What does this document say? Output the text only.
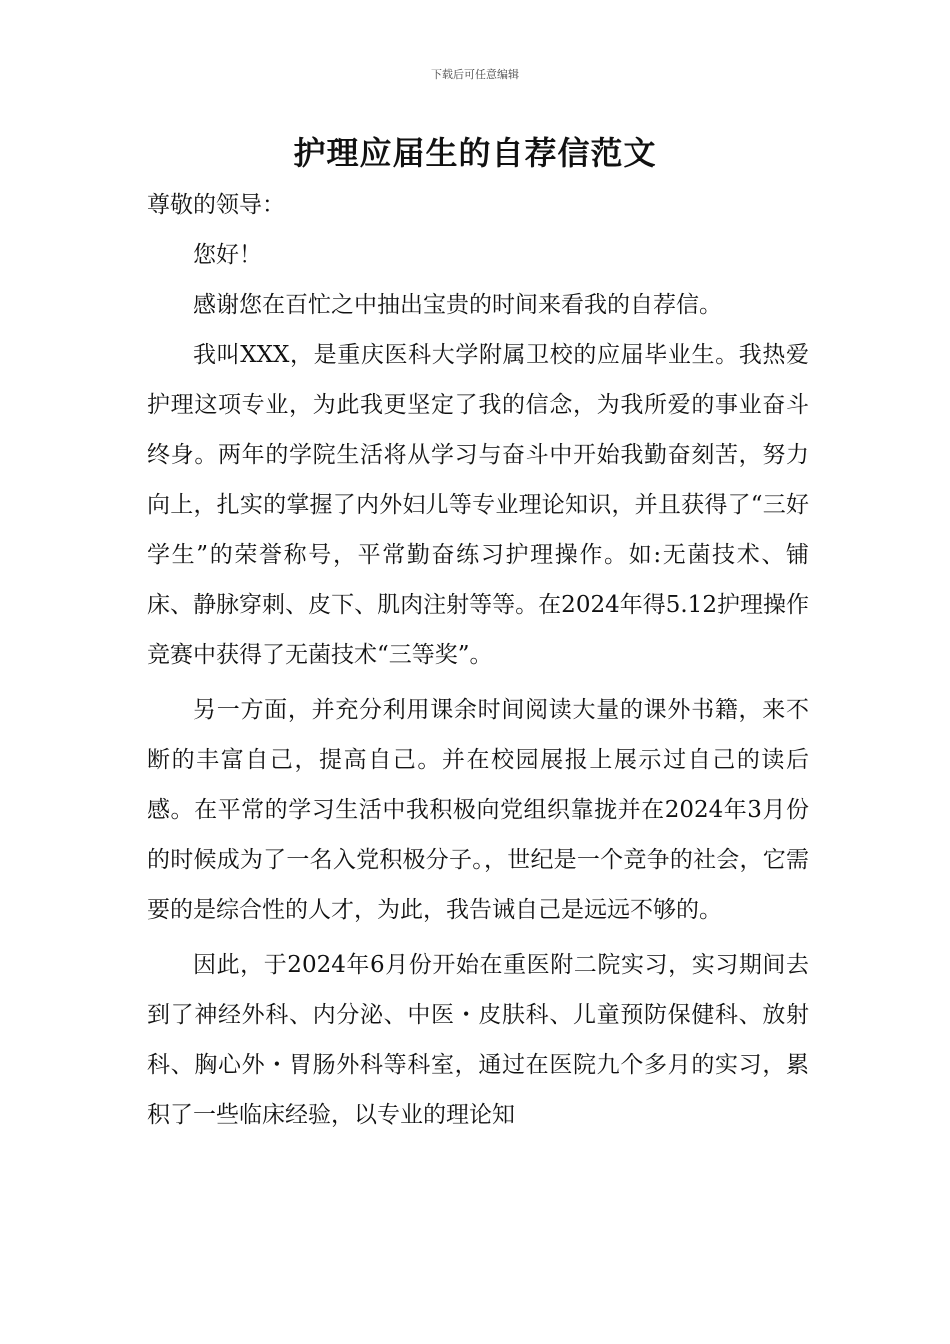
下载后可任意编辑
护理应届生的自荐信范文

尊敬的领导：

您好！

感谢您在百忙之中抽出宝贵的时间来看我的自荐信。

我叫XXX，是重庆医科大学附属卫校的应届毕业生。我热爱护理这项专业，为此我更坚定了我的信念，为我所爱的事业奋斗终身。两年的学院生活将从学习与奋斗中开始我勤奋刻苦，努力向上，扎实的掌握了内外妇儿等专业理论知识，并且获得了“三好学生”的荣誉称号，平常勤奋练习护理操作。如:无菌技术、铺床、静脉穿刺、皮下、肌肉注射等等。在2024年得5.12护理操作竞赛中获得了无菌技术“三等奖”。

另一方面，并充分利用课余时间阅读大量的课外书籍，来不断的丰富自己，提高自己。并在校园展报上展示过自己的读后感。在平常的学习生活中我积极向党组织靠拢并在2024年3月份的时候成为了一名入党积极分子。，世纪是一个竞争的社会，它需要的是综合性的人才，为此，我告诫自己是远远不够的。

因此，于2024年6月份开始在重医附二院实习，实习期间去到了神经外科、内分泌、中医・皮肤科、儿童预防保健科、放射科、胸心外・胃肠外科等科室，通过在医院九个多月的实习，累积了一些临床经验，以专业的理论知
